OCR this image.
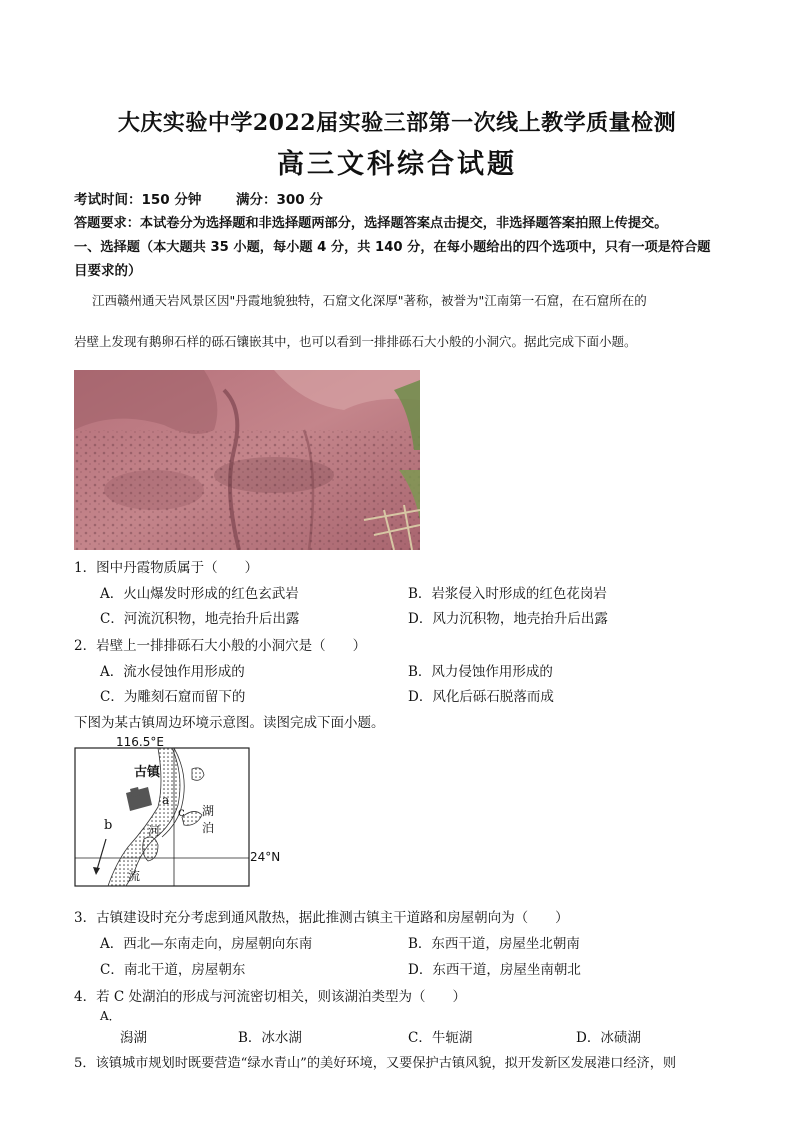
大庆实验中学2022届实验三部第一次线上教学质量检测
高三文科综合试题
考试时间：150 分钟	满分：300 分
答题要求：本试卷分为选择题和非选择题两部分，选择题答案点击提交，非选择题答案拍照上传提交。
一、选择题（本大题共 35 小题，每小题 4 分，共 140 分，在每小题给出的四个选项中，只有一项是符合题
目要求的）
江西赣州通天岩风景区因"丹霞地貌独特，石窟文化深厚"著称，被誉为"江南第一石窟，在石窟所在的
岩壁上发现有鹅卵石样的砾石镶嵌其中，也可以看到一排排砾石大小般的小洞穴。据此完成下面小题。
1．图中丹霞物质属于（　　）
A．火山爆发时形成的红色玄武岩	B．岩浆侵入时形成的红色花岗岩
C．河流沉积物，地壳抬升后出露	D．风力沉积物，地壳抬升后出露
2．岩壁上一排排砾石大小般的小洞穴是（　　）
A．流水侵蚀作用形成的	B．风力侵蚀作用形成的
C．为雕刻石窟而留下的	D．风化后砾石脱落而成
下图为某古镇周边环境示意图。读图完成下面小题。
116.5°E
24°N
古镇
a
b
c 湖
泊
河
流
3．古镇建设时充分考虑到通风散热，据此推测古镇主干道路和房屋朝向为（　　）
A．西北—东南走向，房屋朝向东南	B．东西干道，房屋坐北朝南
C．南北干道，房屋朝东	D．东西干道，房屋坐南朝北
4．若 C 处湖泊的形成与河流密切相关，则该湖泊类型为（　　）
A．
潟湖	B．冰水湖	C．牛轭湖	D．冰碛湖
5．该镇城市规划时既要营造“绿水青山”的美好环境，又要保护古镇风貌，拟开发新区发展港口经济，则
